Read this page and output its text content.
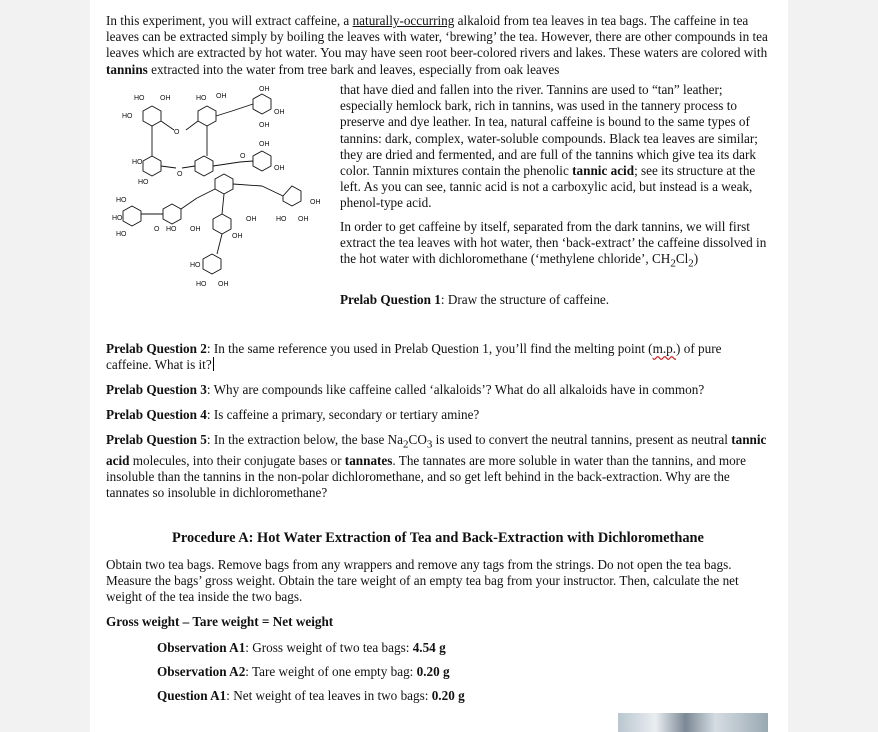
In this experiment, you will extract caffeine, a naturally-occurring alkaloid from tea leaves in tea bags. The caffeine in tea leaves can be extracted simply by boiling the leaves with water, ‘brewing’ the tea. However, there are other compounds in tea leaves which are extracted by hot water. You may have seen root beer-colored rivers and lakes. These waters are colored with tannins extracted into the water from tree bark and leaves, especially from oak leaves

HO OH	HO OH
OH
OH
OH
HO
O
OH
OH
HO
HO
O
O
HO
HO
HO
O HO OH
OH
OH
HO OH
OH
HO
HO OH

that have died and fallen into the river. Tannins are used to “tan” leather; especially hemlock bark, rich in tannins, was used in the tannery process to preserve and dye leather. In tea, natural caffeine is bound to the same types of tannins: dark, complex, water-soluble compounds. Black tea leaves are similar; they are dried and fermented, and are full of the tannins which give tea its dark color. Tannin mixtures contain the phenolic tannic acid; see its structure at the left. As you can see, tannic acid is not a carboxylic acid, but instead is a weak, phenol-type acid.

In order to get caffeine by itself, separated from the dark tannins, we will first extract the tea leaves with hot water, then ‘back-extract’ the caffeine dissolved in the hot water with dichloromethane (‘methylene chloride’, $CH_2Cl_2$)

Prelab Question 1: Draw the structure of caffeine.

Prelab Question 2: In the same reference you used in Prelab Question 1, you’ll find the melting point (m.p.) of pure caffeine. What is it?

Prelab Question 3: Why are compounds like caffeine called ‘alkaloids’? What do all alkaloids have in common?

Prelab Question 4: Is caffeine a primary, secondary or tertiary amine?

Prelab Question 5: In the extraction below, the base $Na_2CO_3$ is used to convert the neutral tannins, present as neutral tannic acid molecules, into their conjugate bases or tannates. The tannates are more soluble in water than the tannins, and more insoluble than the tannins in the non-polar dichloromethane, and so get left behind in the back-extraction. Why are the tannates so insoluble in dichloromethane?

Procedure A: Hot Water Extraction of Tea and Back-Extraction with Dichloromethane

Obtain two tea bags. Remove bags from any wrappers and remove any tags from the strings. Do not open the tea bags. Measure the bags’ gross weight. Obtain the tare weight of an empty tea bag from your instructor. Then, calculate the net weight of the tea inside the two bags.

Gross weight – Tare weight = Net weight

Observation A1: Gross weight of two tea bags: 4.54 g

Observation A2: Tare weight of one empty bag: 0.20 g

Question A1: Net weight of tea leaves in two bags: 0.20 g
